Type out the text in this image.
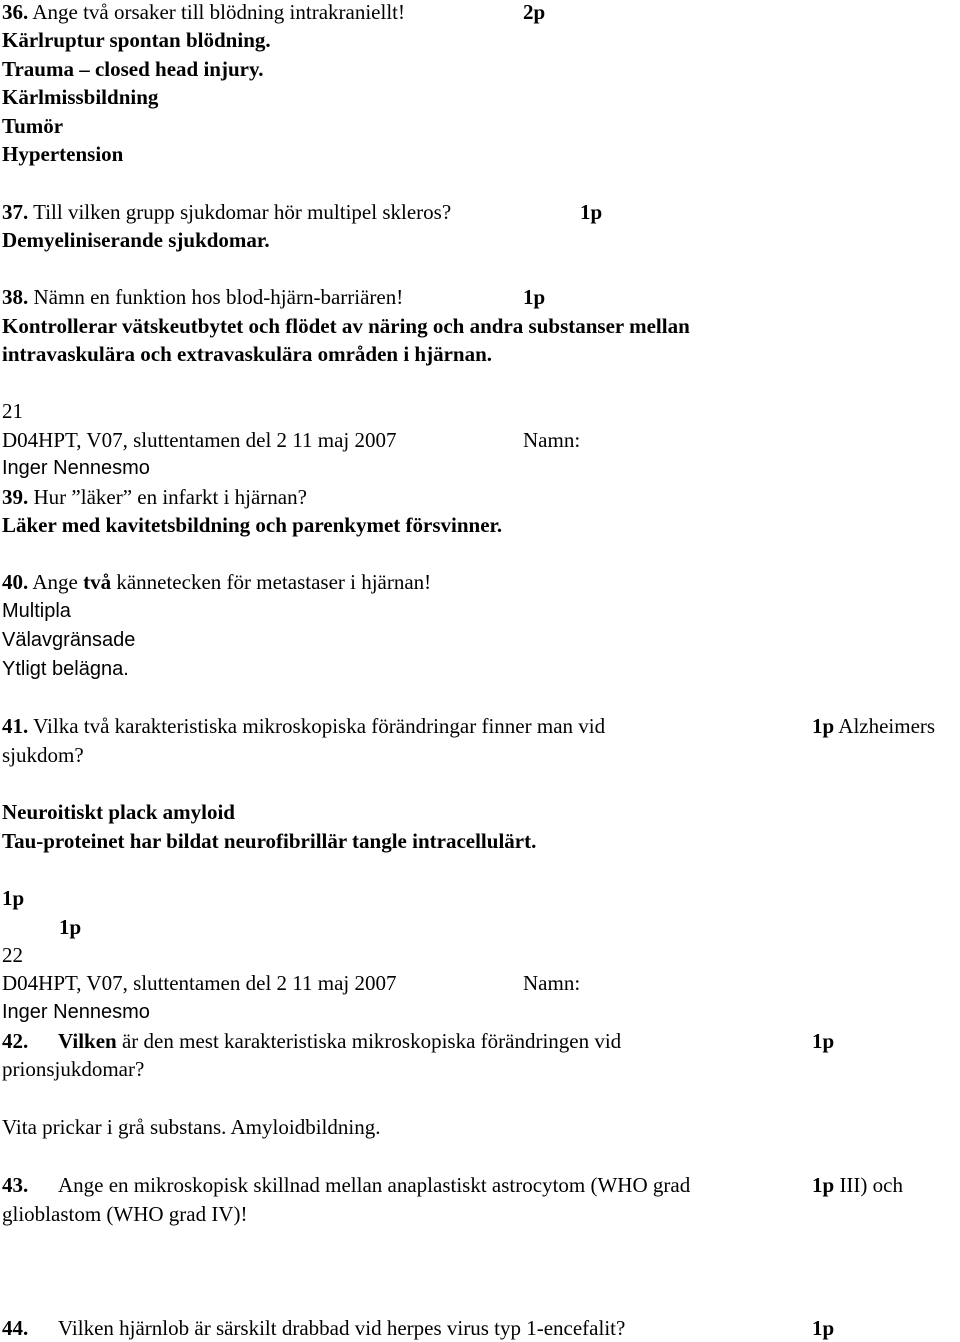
36. Ange två orsaker till blödning intrakraniellt!	2p
Kärlruptur spontan blödning.
Trauma – closed head injury.
Kärlmissbildning
Tumör
Hypertension
37. Till vilken grupp sjukdomar hör multipel skleros?	1p
Demyeliniserande sjukdomar.
38. Nämn en funktion hos blod-hjärn-barriären!	1p
Kontrollerar vätskeutbytet och flödet av näring och andra substanser mellan
intravaskulära och extravaskulära områden i hjärnan.
21
D04HPT, V07, sluttentamen del 2 11 maj 2007	Namn:
Inger Nennesmo
39. Hur ”läker” en infarkt i hjärnan?
Läker med kavitetsbildning och parenkymet försvinner.
40. Ange två kännetecken för metastaser i hjärnan!
Multipla
Välavgränsade
Ytligt belägna.
41. Vilka två karakteristiska mikroskopiska förändringar finner man vid	1p Alzheimers
sjukdom?
Neuroitiskt plack amyloid
Tau-proteinet har bildat neurofibrillär tangle intracellulärt.
1p
1p
22
D04HPT, V07, sluttentamen del 2 11 maj 2007	Namn:
Inger Nennesmo
42. Vilken är den mest karakteristiska mikroskopiska förändringen vid	1p
prionsjukdomar?
Vita prickar i grå substans. Amyloidbildning.
43. Ange en mikroskopisk skillnad mellan anaplastiskt astrocytom (WHO grad	1p III) och
glioblastom (WHO grad IV)!
44. Vilken hjärnlob är särskilt drabbad vid herpes virus typ 1-encefalit?	1p
